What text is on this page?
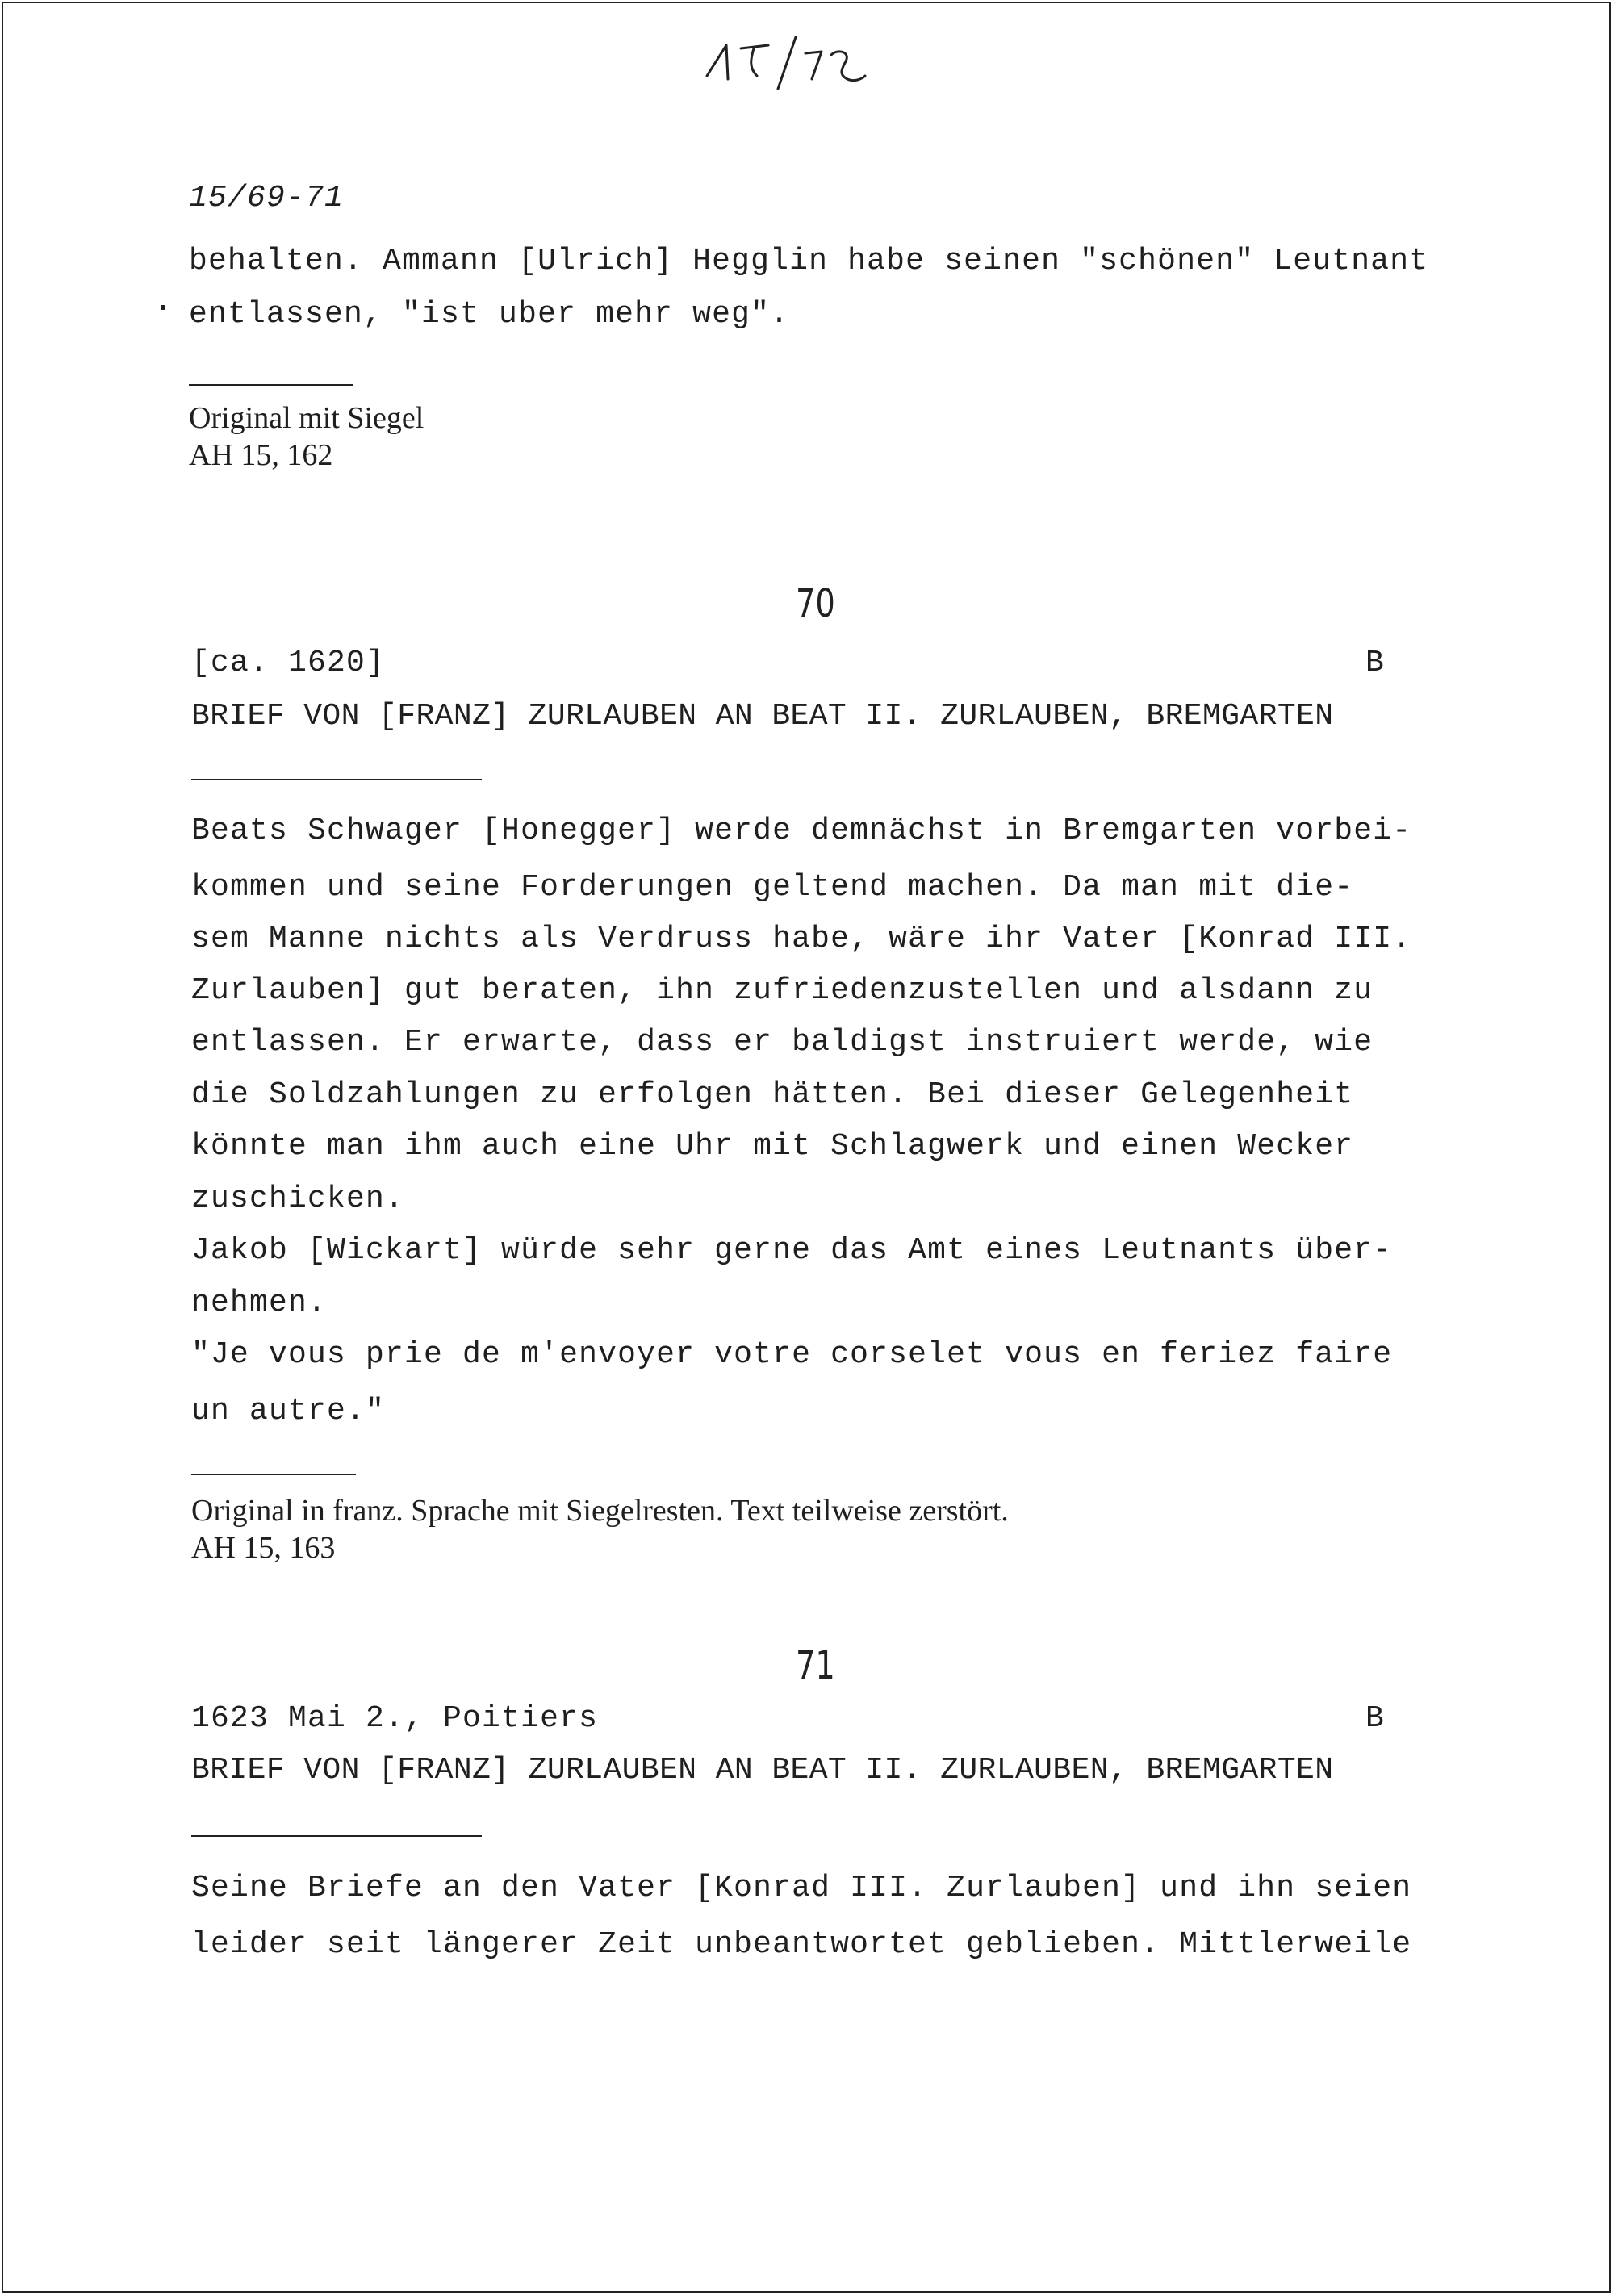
15/69-71
behalten. Ammann [Ulrich] Hegglin habe seinen "schönen" Leutnant
entlassen, "ist uber mehr weg".
Original mit Siegel
AH 15, 162
70
[ca. 1620]	B
BRIEF VON [FRANZ] ZURLAUBEN AN BEAT II. ZURLAUBEN, BREMGARTEN
Beats Schwager [Honegger] werde demnächst in Bremgarten vorbei-
kommen und seine Forderungen geltend machen. Da man mit die-
sem Manne nichts als Verdruss habe, wäre ihr Vater [Konrad III.
Zurlauben] gut beraten, ihn zufriedenzustellen und alsdann zu
entlassen. Er erwarte, dass er baldigst instruiert werde, wie
die Soldzahlungen zu erfolgen hätten. Bei dieser Gelegenheit
könnte man ihm auch eine Uhr mit Schlagwerk und einen Wecker
zuschicken.
Jakob [Wickart] würde sehr gerne das Amt eines Leutnants über-
nehmen.
"Je vous prie de m'envoyer votre corselet vous en feriez faire
un autre."
Original in franz. Sprache mit Siegelresten. Text teilweise zerstört.
AH 15, 163
71
1623 Mai 2., Poitiers	B
BRIEF VON [FRANZ] ZURLAUBEN AN BEAT II. ZURLAUBEN, BREMGARTEN
Seine Briefe an den Vater [Konrad III. Zurlauben] und ihn seien
leider seit längerer Zeit unbeantwortet geblieben. Mittlerweile
